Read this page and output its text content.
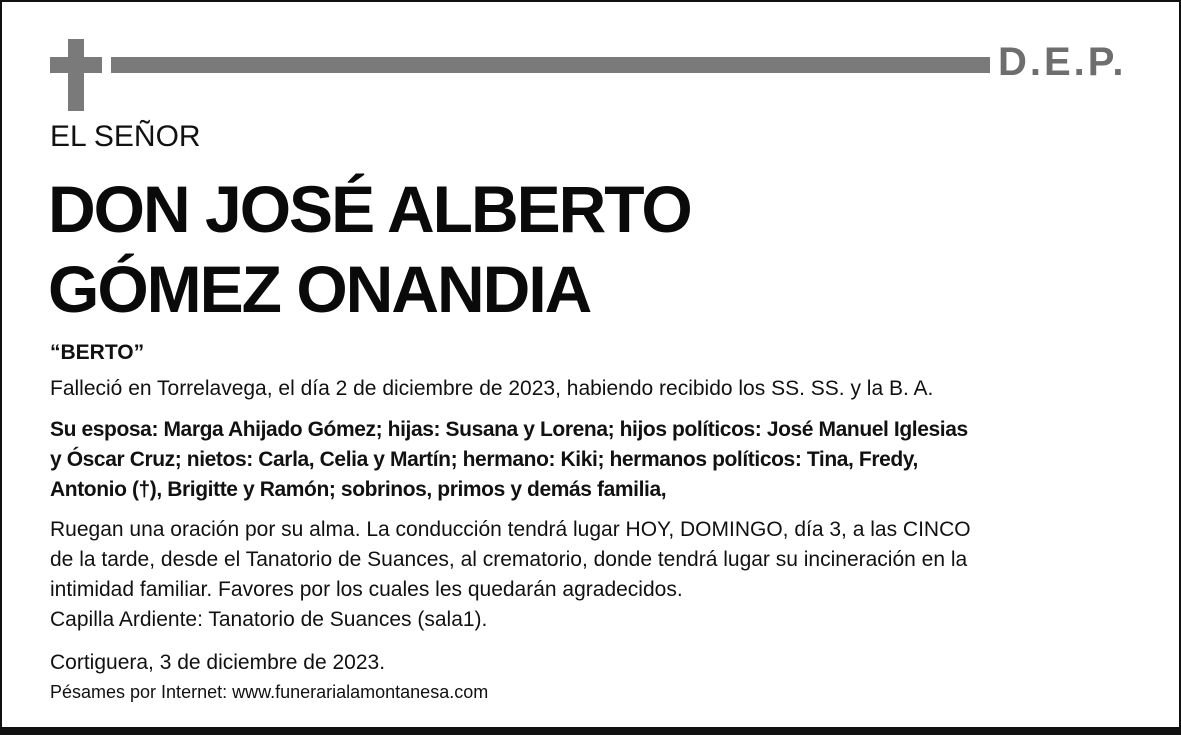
D.E.P.
EL SEÑOR
DON JOSÉ ALBERTO
GÓMEZ ONANDIA
“BERTO”
Falleció en Torrelavega, el día 2 de diciembre de 2023, habiendo recibido los SS. SS. y la B. A.
Su esposa: Marga Ahijado Gómez; hijas: Susana y Lorena; hijos políticos: José Manuel Iglesias
y Óscar Cruz; nietos: Carla, Celia y Martín; hermano: Kiki; hermanos políticos: Tina, Fredy,
Antonio (†), Brigitte y Ramón; sobrinos, primos y demás familia,
Ruegan una oración por su alma. La conducción tendrá lugar HOY, DOMINGO, día 3, a las CINCO
de la tarde, desde el Tanatorio de Suances, al crematorio, donde tendrá lugar su incineración en la
intimidad familiar. Favores por los cuales les quedarán agradecidos.
Capilla Ardiente: Tanatorio de Suances (sala1).
Cortiguera, 3 de diciembre de 2023.
Pésames por Internet: www.funerarialamontanesa.com
